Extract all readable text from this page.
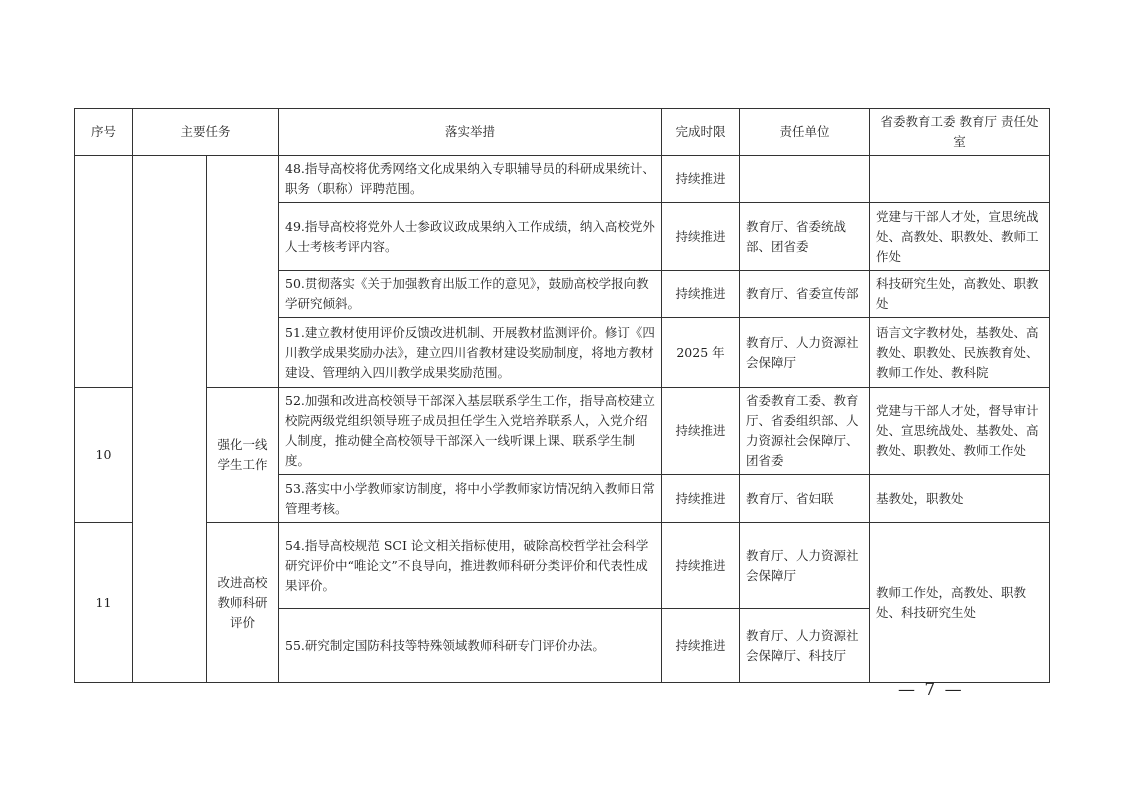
序号	主要任务		落实举措	完成时限	责任单位	省委教育工委 教育厅 责任处室
			48.指导高校将优秀网络文化成果纳入专职辅导员的科研成果统计、职务（职称）评聘范围。	持续推进		
			49.指导高校将党外人士参政议政成果纳入工作成绩，纳入高校党外人士考核考评内容。	持续推进	教育厅、省委统战部、团省委	党建与干部人才处，宣思统战处、高教处、职教处、教师工作处
			50.贯彻落实《关于加强教育出版工作的意见》，鼓励高校学报向教学研究倾斜。	持续推进	教育厅、省委宣传部	科技研究生处，高教处、职教处
			51.建立教材使用评价反馈改进机制、开展教材监测评价。修订《四川教学成果奖励办法》，建立四川省教材建设奖励制度，将地方教材建设、管理纳入四川教学成果奖励范围。	2025 年	教育厅、人力资源社会保障厅	语言文字教材处，基教处、高教处、职教处、民族教育处、教师工作处、教科院
10		强化一线学生工作	52.加强和改进高校领导干部深入基层联系学生工作，指导高校建立校院两级党组织领导班子成员担任学生入党培养联系人，入党介绍人制度，推动健全高校领导干部深入一线听课上课、联系学生制度。	持续推进	省委教育工委、教育厅、省委组织部、人力资源社会保障厅、团省委	党建与干部人才处，督导审计处、宣思统战处、基教处、高教处、职教处、教师工作处
			53.落实中小学教师家访制度，将中小学教师家访情况纳入教师日常管理考核。	持续推进	教育厅、省妇联	基教处，职教处
11		改进高校教师科研评价	54.指导高校规范 SCI 论文相关指标使用，破除高校哲学社会科学研究评价中“唯论文”不良导向，推进教师科研分类评价和代表性成果评价。	持续推进	教育厅、人力资源社会保障厅	教师工作处，高教处、职教处、科技研究生处
			55.研究制定国防科技等特殊领域教师科研专门评价办法。	持续推进	教育厅、人力资源社会保障厅、科技厅	
— 7 —
